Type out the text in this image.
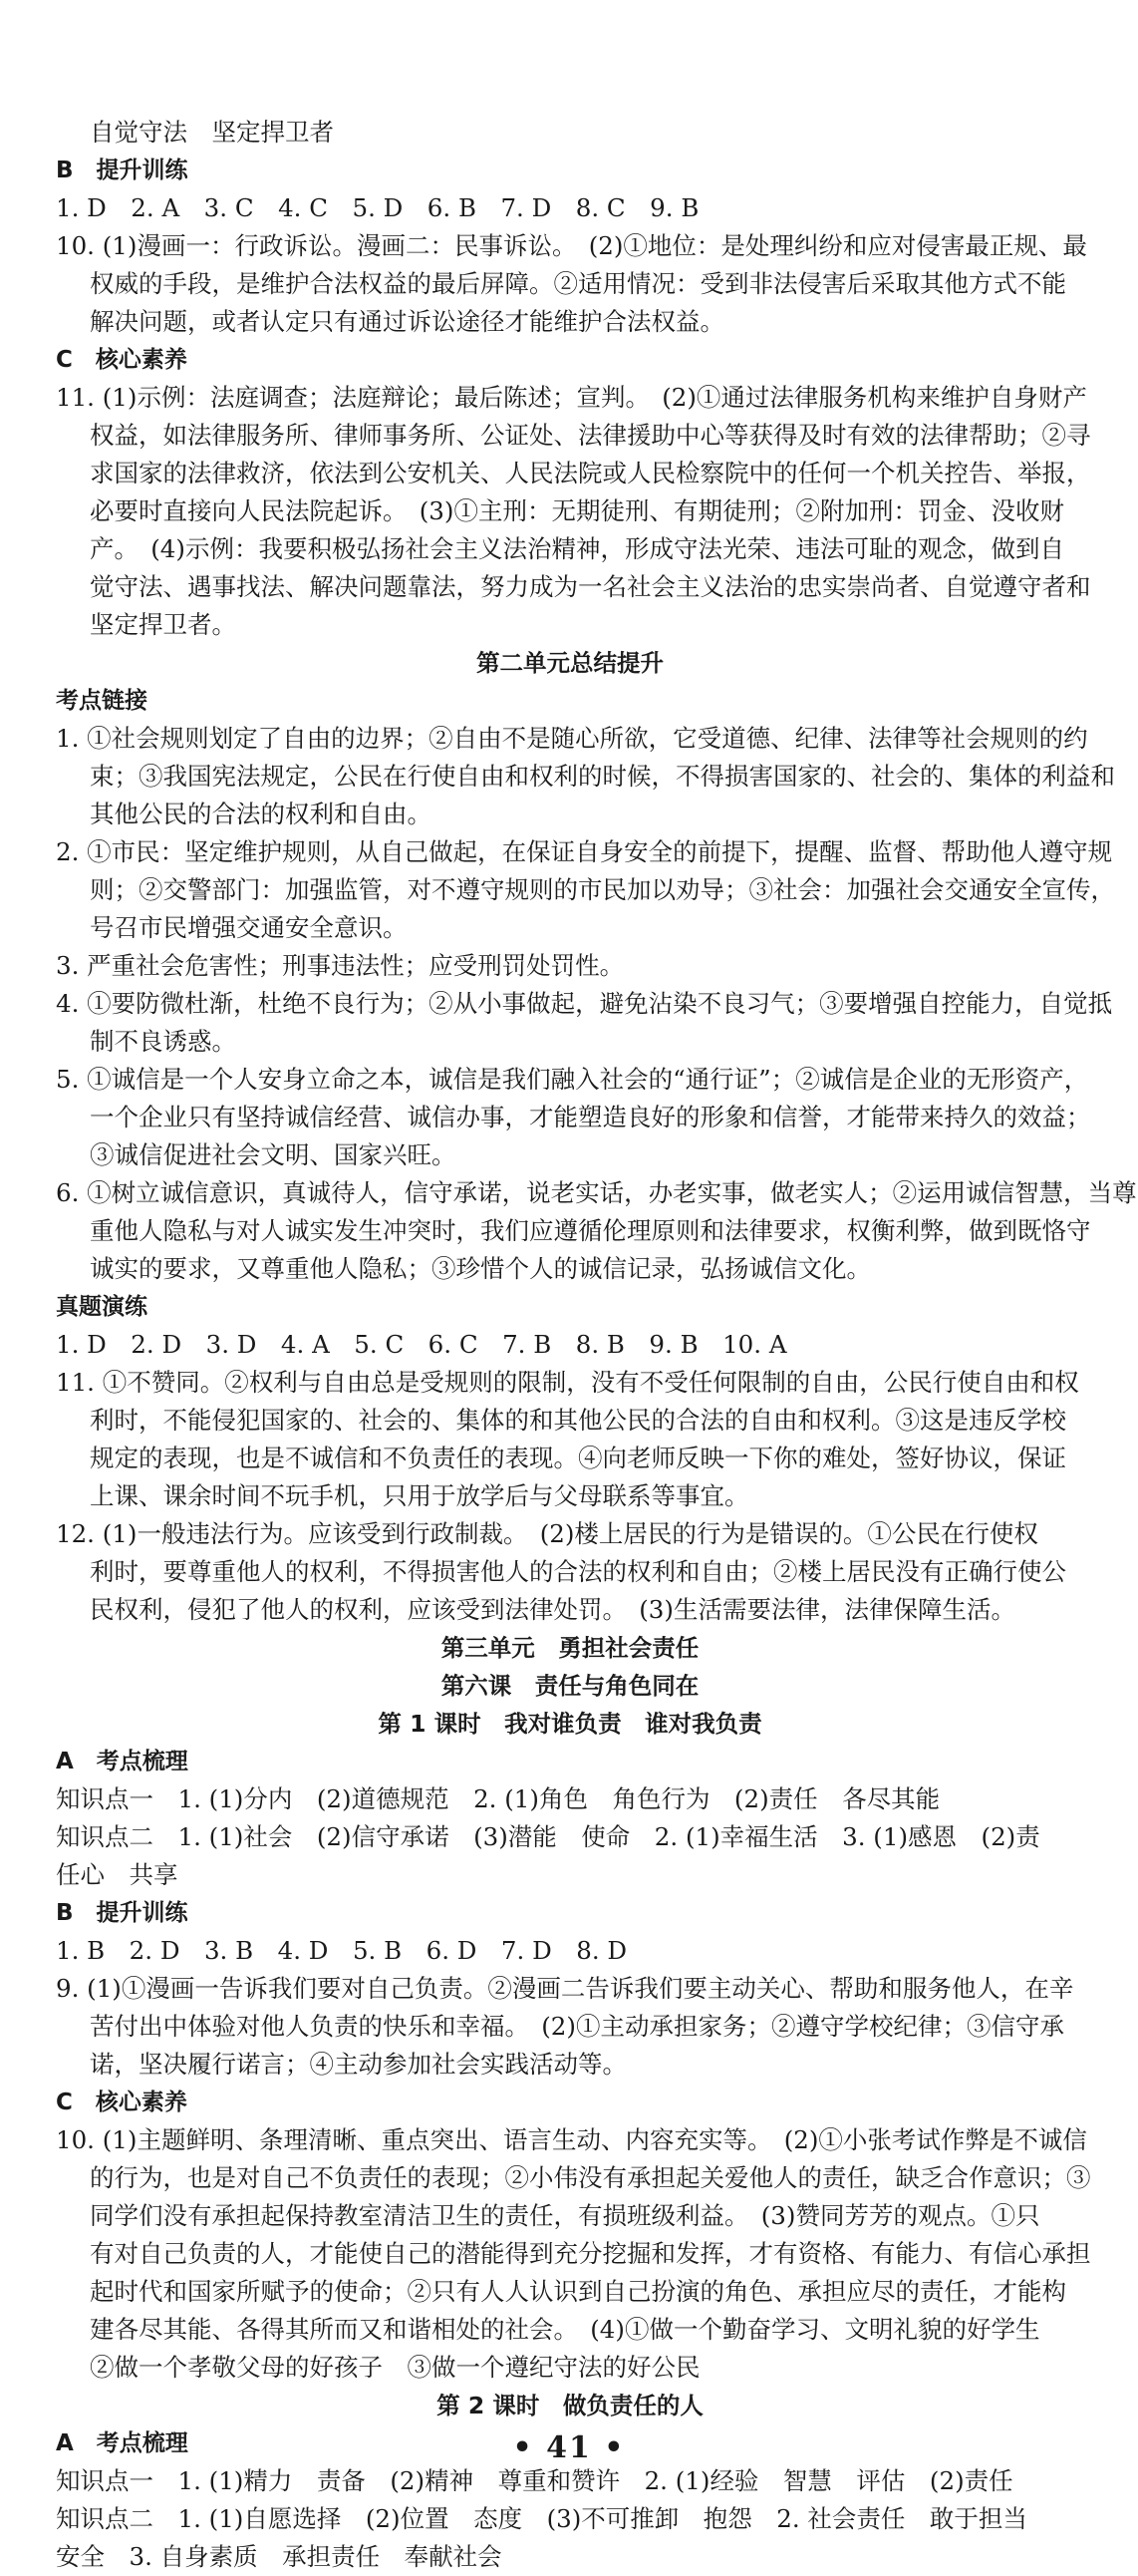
自觉守法　坚定捍卫者
B　提升训练
1. D　2. A　3. C　4. C　5. D　6. B　7. D　8. C　9. B
10. (1)漫画一：行政诉讼。漫画二：民事诉讼。　(2)①地位：是处理纠纷和应对侵害最正规、最
权威的手段，是维护合法权益的最后屏障。②适用情况：受到非法侵害后采取其他方式不能
解决问题，或者认定只有通过诉讼途径才能维护合法权益。
C　核心素养
11. (1)示例：法庭调查；法庭辩论；最后陈述；宣判。　(2)①通过法律服务机构来维护自身财产
权益，如法律服务所、律师事务所、公证处、法律援助中心等获得及时有效的法律帮助；②寻
求国家的法律救济，依法到公安机关、人民法院或人民检察院中的任何一个机关控告、举报，
必要时直接向人民法院起诉。　(3)①主刑：无期徒刑、有期徒刑；②附加刑：罚金、没收财
产。　(4)示例：我要积极弘扬社会主义法治精神，形成守法光荣、违法可耻的观念，做到自
觉守法、遇事找法、解决问题靠法，努力成为一名社会主义法治的忠实崇尚者、自觉遵守者和
坚定捍卫者。
第二单元总结提升
考点链接
1. ①社会规则划定了自由的边界；②自由不是随心所欲，它受道德、纪律、法律等社会规则的约
束；③我国宪法规定，公民在行使自由和权利的时候，不得损害国家的、社会的、集体的利益和
其他公民的合法的权利和自由。
2. ①市民：坚定维护规则，从自己做起，在保证自身安全的前提下，提醒、监督、帮助他人遵守规
则；②交警部门：加强监管，对不遵守规则的市民加以劝导；③社会：加强社会交通安全宣传，
号召市民增强交通安全意识。
3. 严重社会危害性；刑事违法性；应受刑罚处罚性。
4. ①要防微杜渐，杜绝不良行为；②从小事做起，避免沾染不良习气；③要增强自控能力，自觉抵
制不良诱惑。
5. ①诚信是一个人安身立命之本，诚信是我们融入社会的“通行证”；②诚信是企业的无形资产，
一个企业只有坚持诚信经营、诚信办事，才能塑造良好的形象和信誉，才能带来持久的效益；
③诚信促进社会文明、国家兴旺。
6. ①树立诚信意识，真诚待人，信守承诺，说老实话，办老实事，做老实人；②运用诚信智慧，当尊
重他人隐私与对人诚实发生冲突时，我们应遵循伦理原则和法律要求，权衡利弊，做到既恪守
诚实的要求，又尊重他人隐私；③珍惜个人的诚信记录，弘扬诚信文化。
真题演练
1. D　2. D　3. D　4. A　5. C　6. C　7. B　8. B　9. B　10. A
11. ①不赞同。②权利与自由总是受规则的限制，没有不受任何限制的自由，公民行使自由和权
利时，不能侵犯国家的、社会的、集体的和其他公民的合法的自由和权利。③这是违反学校
规定的表现，也是不诚信和不负责任的表现。④向老师反映一下你的难处，签好协议，保证
上课、课余时间不玩手机，只用于放学后与父母联系等事宜。
12. (1)一般违法行为。应该受到行政制裁。　(2)楼上居民的行为是错误的。①公民在行使权
利时，要尊重他人的权利，不得损害他人的合法的权利和自由；②楼上居民没有正确行使公
民权利，侵犯了他人的权利，应该受到法律处罚。　(3)生活需要法律，法律保障生活。
第三单元　勇担社会责任
第六课　责任与角色同在
第 1 课时　我对谁负责　谁对我负责
A　考点梳理
知识点一　1. (1)分内　(2)道德规范　2. (1)角色　角色行为　(2)责任　各尽其能
知识点二　1. (1)社会　(2)信守承诺　(3)潜能　使命　2. (1)幸福生活　3. (1)感恩　(2)责
任心　共享
B　提升训练
1. B　2. D　3. B　4. D　5. B　6. D　7. D　8. D
9. (1)①漫画一告诉我们要对自己负责。②漫画二告诉我们要主动关心、帮助和服务他人，在辛
苦付出中体验对他人负责的快乐和幸福。　(2)①主动承担家务；②遵守学校纪律；③信守承
诺，坚决履行诺言；④主动参加社会实践活动等。
C　核心素养
10. (1)主题鲜明、条理清晰、重点突出、语言生动、内容充实等。　(2)①小张考试作弊是不诚信
的行为，也是对自己不负责任的表现；②小伟没有承担起关爱他人的责任，缺乏合作意识；③
同学们没有承担起保持教室清洁卫生的责任，有损班级利益。　(3)赞同芳芳的观点。①只
有对自己负责的人，才能使自己的潜能得到充分挖掘和发挥，才有资格、有能力、有信心承担
起时代和国家所赋予的使命；②只有人人认识到自己扮演的角色、承担应尽的责任，才能构
建各尽其能、各得其所而又和谐相处的社会。　(4)①做一个勤奋学习、文明礼貌的好学生
②做一个孝敬父母的好孩子　③做一个遵纪守法的好公民
第 2 课时　做负责任的人
A　考点梳理
知识点一　1. (1)精力　责备　(2)精神　尊重和赞许　2. (1)经验　智慧　评估　(2)责任
知识点二　1. (1)自愿选择　(2)位置　态度　(3)不可推卸　抱怨　2. 社会责任　敢于担当
安全　3. 自身素质　承担责任　奉献社会
• 41 •
